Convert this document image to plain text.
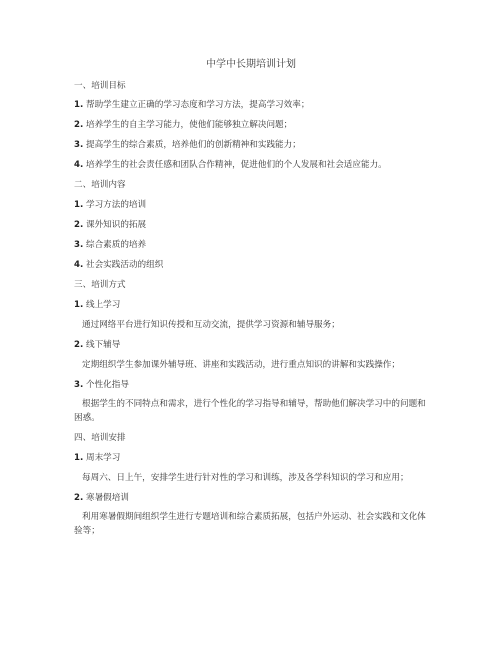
中学中长期培训计划
一、培训目标
1. 帮助学生建立正确的学习态度和学习方法，提高学习效率；
2. 培养学生的自主学习能力，使他们能够独立解决问题；
3. 提高学生的综合素质，培养他们的创新精神和实践能力；
4. 培养学生的社会责任感和团队合作精神，促进他们的个人发展和社会适应能力。
二、培训内容
1. 学习方法的培训
2. 课外知识的拓展
3. 综合素质的培养
4. 社会实践活动的组织
三、培训方式
1. 线上学习
通过网络平台进行知识传授和互动交流，提供学习资源和辅导服务；
2. 线下辅导
定期组织学生参加课外辅导班、讲座和实践活动，进行重点知识的讲解和实践操作；
3. 个性化指导
根据学生的不同特点和需求，进行个性化的学习指导和辅导，帮助他们解决学习中的问题和困惑。
四、培训安排
1. 周末学习
每周六、日上午，安排学生进行针对性的学习和训练，涉及各学科知识的学习和应用；
2. 寒暑假培训
利用寒暑假期间组织学生进行专题培训和综合素质拓展，包括户外运动、社会实践和文化体验等；
